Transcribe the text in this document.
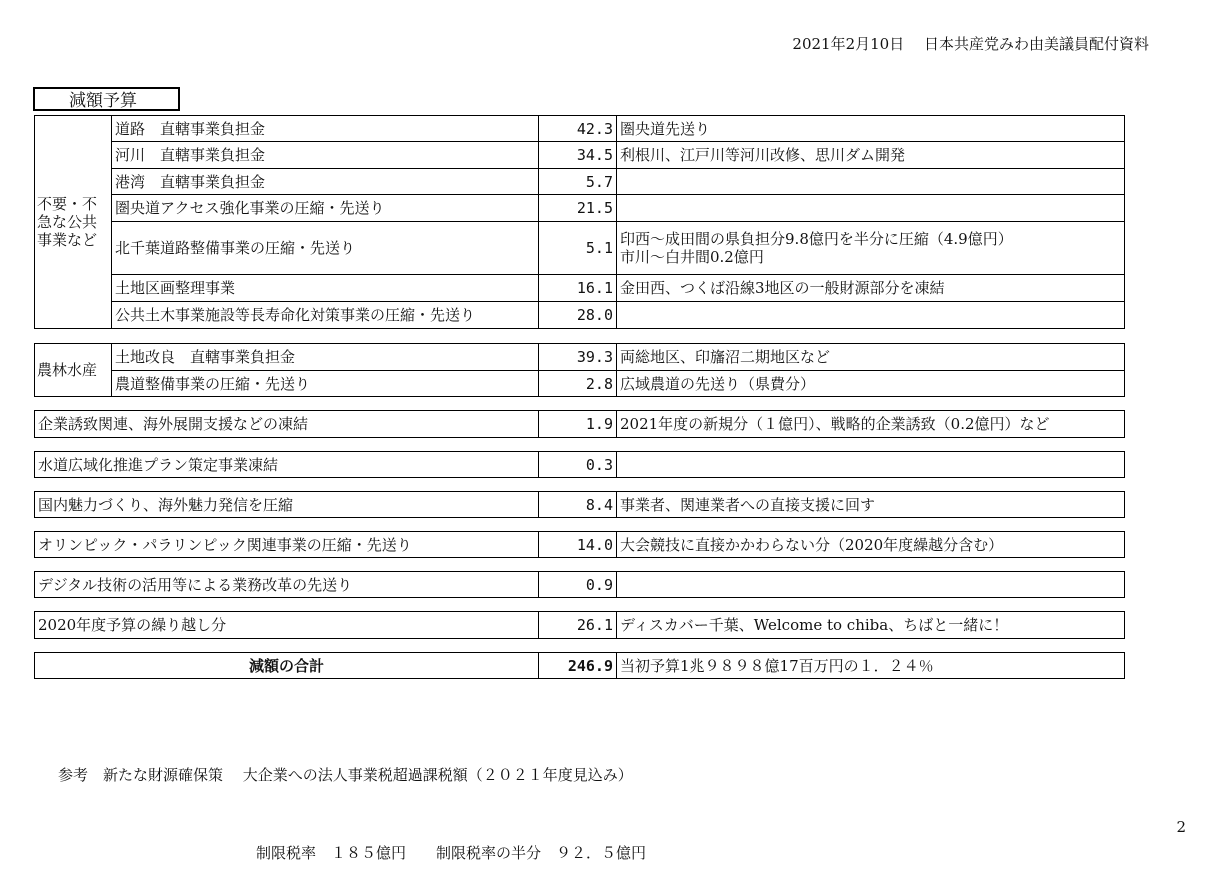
2021年2月10日　 日本共産党みわ由美議員配付資料
減額予算
不要・不急な公共事業など	道路　直轄事業負担金	42.3	圏央道先送り
	河川　直轄事業負担金	34.5	利根川、江戸川等河川改修、思川ダム開発
	港湾　直轄事業負担金	5.7	
	圏央道アクセス強化事業の圧縮・先送り	21.5	
	北千葉道路整備事業の圧縮・先送り	5.1	印西～成田間の県負担分9.8億円を半分に圧縮（4.9億円）
市川～白井間0.2億円

	土地区画整理事業	16.1	金田西、つくば沿線3地区の一般財源部分を凍結
	公共土木事業施設等長寿命化対策事業の圧縮・先送り	28.0	
農林水産	土地改良　直轄事業負担金	39.3	両総地区、印旛沼二期地区など
	農道整備事業の圧縮・先送り	2.8	広域農道の先送り（県費分）
企業誘致関連、海外展開支援などの凍結	1.9	2021年度の新規分（１億円）、戦略的企業誘致（0.2億円）など
水道広域化推進プラン策定事業凍結	0.3	
国内魅力づくり、海外魅力発信を圧縮	8.4	事業者、関連業者への直接支援に回す
オリンピック・パラリンピック関連事業の圧縮・先送り	14.0	大会競技に直接かかわらない分（2020年度繰越分含む）
デジタル技術の活用等による業務改革の先送り	0.9	
2020年度予算の繰り越し分	26.1	ディスカバー千葉、Welcome to chiba、ちばと一緒に！
減額の合計	246.9	当初予算1兆９８９８億17百万円の１．２４％

参考　新たな財源確保策　 大企業への法人事業税超過課税額（２０２１年度見込み）

制限税率　１８５億円　　制限税率の半分　９２．５億円

2
